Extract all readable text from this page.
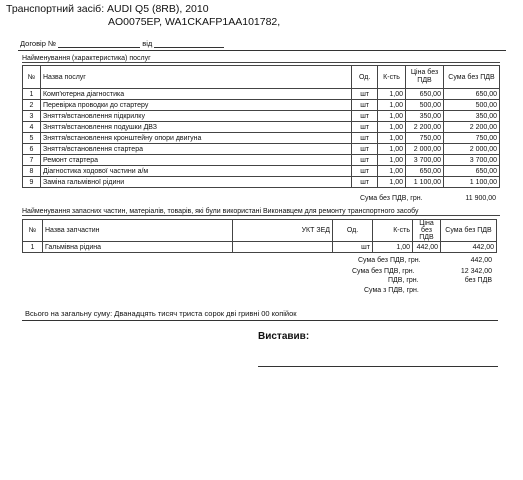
Транспортний засіб: AUDI Q5 (8RB), 2010
AO0075EP, WA1CKAFP1AA101782,
Договір №	від
Найменування (характеристика) послуг
№	Назва послуг	Од.	К-сть	Ціна без ПДВ	Сума без ПДВ
1	Комп'ютерна діагностика	шт	1,00	650,00	650,00
2	Перевірка проводки до стартеру	шт	1,00	500,00	500,00
3	Зняття/встановлення підкрилку	шт	1,00	350,00	350,00
4	Зняття/встановлення подушки ДВЗ	шт	1,00	2 200,00	2 200,00
5	Зняття/встановлення кронштейну опори двигуна	шт	1,00	750,00	750,00
6	Зняття/встановлення стартера	шт	1,00	2 000,00	2 000,00
7	Ремонт стартера	шт	1,00	3 700,00	3 700,00
8	Діагностика ходової частини а/м	шт	1,00	650,00	650,00
9	Заміна гальмівної рідини	шт	1,00	1 100,00	1 100,00
Сума без ПДВ, грн.	11 900,00
Найменування запасних частин, матеріалів, товарів, які були використані Виконавцем для ремонту транспортного засобу
№	Назва запчастин	УКТ ЗЕД	Од.	К-сть	Ціна без ПДВ	Сума без ПДВ
1	Гальмівна рідина		шт	1,00	442,00	442,00
Сума без ПДВ, грн.	442,00
Сума без ПДВ, грн.	12 342,00
ПДВ, грн.	без ПДВ
Сума з ПДВ, грн.
Всього на загальну суму: Дванадцять тисяч триста сорок дві гривні 00 копійок
Виставив:
